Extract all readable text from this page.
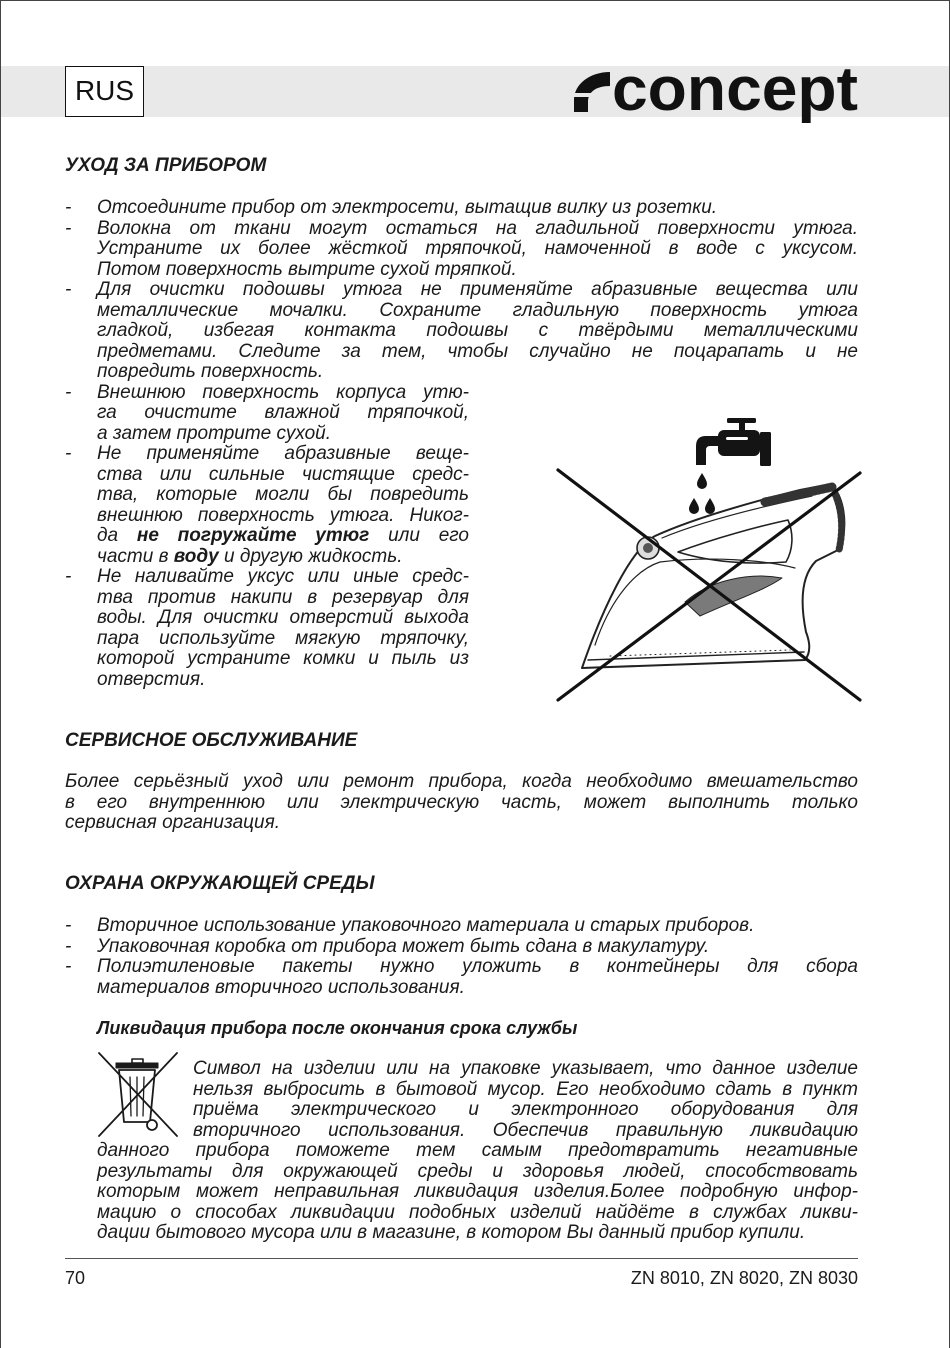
RUS	concept
УХОД ЗА ПРИБОРОМ
- Отсоедините прибор от электросети, вытащив вилку из розетки.
- Волокна от ткани могут остаться на гладильной поверхности утюга.
Устраните их более жёсткой тряпочкой, намоченной в воде с уксусом.
Потом поверхность вытрите сухой тряпкой.
- Для очистки подошвы утюга не применяйте абразивные вещества или
металлические мочалки. Сохраните гладильную поверхность утюга
гладкой, избегая контакта подошвы с твёрдыми металлическими
предметами. Следите за тем, чтобы случайно не поцарапать и не
повредить поверхность.
- Внешнюю поверхность корпуса утю-
га очистите влажной тряпочкой,
а затем протрите сухой.
- Не применяйте абразивные веще-
ства или сильные чистящие средс-
тва, которые могли бы повредить
внешнюю поверхность утюга. Никог-
да не погружайте утюг или его
части в воду и другую жидкость.
- Не наливайте уксус или иные средс-
тва против накипи в резервуар для
воды. Для очистки отверстий выхода
пара используйте мягкую тряпочку,
которой устраните комки и пыль из
отверстия.
СЕРВИСНОЕ ОБСЛУЖИВАНИЕ
Более серьёзный уход или ремонт прибора, когда необходимо вмешательство
в его внутреннюю или электрическую часть, может выполнить только
сервисная организация.
ОХРАНА ОКРУЖАЮЩЕЙ СРЕДЫ
- Вторичное использование упаковочного материала и старых приборов.
- Упаковочная коробка от прибора может быть сдана в макулатуру.
- Полиэтиленовые пакеты нужно уложить в контейнеры для сбора
материалов вторичного использования.
Ликвидация прибора после окончания срока службы
Символ на изделии или на упаковке указывает, что данное изделие
нельзя выбросить в бытовой мусор. Его необходимо сдать в пункт
приёма электрического и электронного оборудования для
вторичного использования. Обеспечив правильную ликвидацию
данного прибора поможете тем самым предотвратить негативные
результаты для окружающей среды и здоровья людей, способствовать
которым может неправильная ликвидация изделия.Более подробную инфор-
мацию о способах ликвидации подобных изделий найдёте в службах ликви-
дации бытового мусора или в магазине, в котором Вы данный прибор купили.
70	ZN 8010, ZN 8020, ZN 8030
